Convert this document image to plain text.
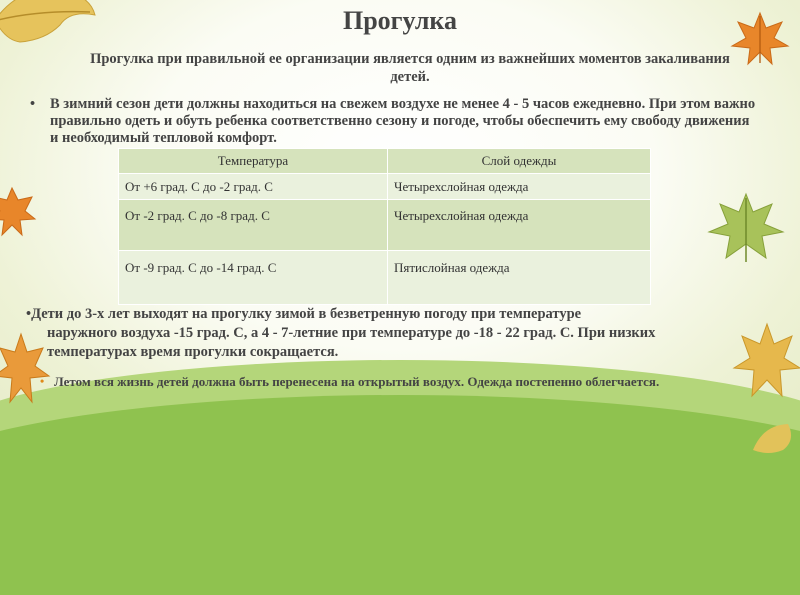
Прогулка

Прогулка при правильной ее организации является одним из важнейших моментов закаливания детей.

• В зимний сезон дети должны находиться на свежем воздухе не менее 4 - 5 часов ежедневно. При этом важно правильно одеть и обуть ребенка соответственно сезону и погоде, чтобы обеспечить ему свободу движения и необходимый тепловой комфорт.
Температура	Слой одежды
От +6 град. С до -2 град. С	Четырехслойная одежда
От -2 град. С до -8 град. С	Четырехслойная одежда
От -9 град. С до -14 град. С	Пятислойная одежда
•Дети до 3-х лет выходят на прогулку зимой в безветренную погоду при температуре
наружного воздуха -15 град. С, а 4 - 7-летние при температуре до -18 - 22 град. С. При низких
температурах время прогулки сокращается.
• Летом вся жизнь детей должна быть перенесена на открытый воздух. Одежда постепенно облегчается.
